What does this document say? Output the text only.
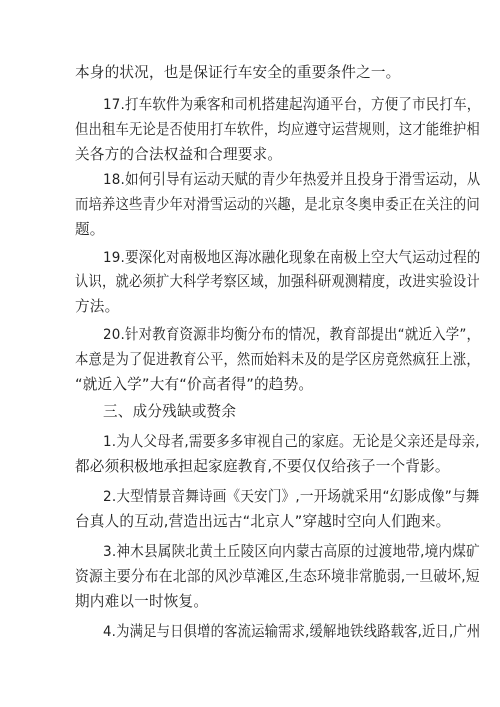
本身的状况，也是保证行车安全的重要条件之一。
17.打车软件为乘客和司机搭建起沟通平台，方便了市民打车，
但出租车无论是否使用打车软件，均应遵守运营规则，这才能维护相
关各方的合法权益和合理要求。
18.如何引导有运动天赋的青少年热爱并且投身于滑雪运动，从
而培养这些青少年对滑雪运动的兴趣，是北京冬奥申委正在关注的问
题。
19.要深化对南极地区海冰融化现象在南极上空大气运动过程的
认识，就必须扩大科学考察区域，加强科研观测精度，改进实验设计
方法。
20.针对教育资源非均衡分布的情况，教育部提出“就近入学”，
本意是为了促进教育公平，然而始料未及的是学区房竟然疯狂上涨，
“就近入学”大有“价高者得”的趋势。
三、成分残缺或赘余
1.为人父母者,需要多多审视自己的家庭。无论是父亲还是母亲,
都必须积极地承担起家庭教育,不要仅仅给孩子一个背影。
2.大型情景音舞诗画《天安门》,一开场就采用“幻影成像”与舞
台真人的互动,营造出远古“北京人”穿越时空向人们跑来。
3.神木县属陕北黄土丘陵区向内蒙古高原的过渡地带,境内煤矿
资源主要分布在北部的风沙草滩区,生态环境非常脆弱,一旦破坏,短
期内难以一时恢复。
4.为满足与日俱增的客流运输需求,缓解地铁线路载客,近日,广州
